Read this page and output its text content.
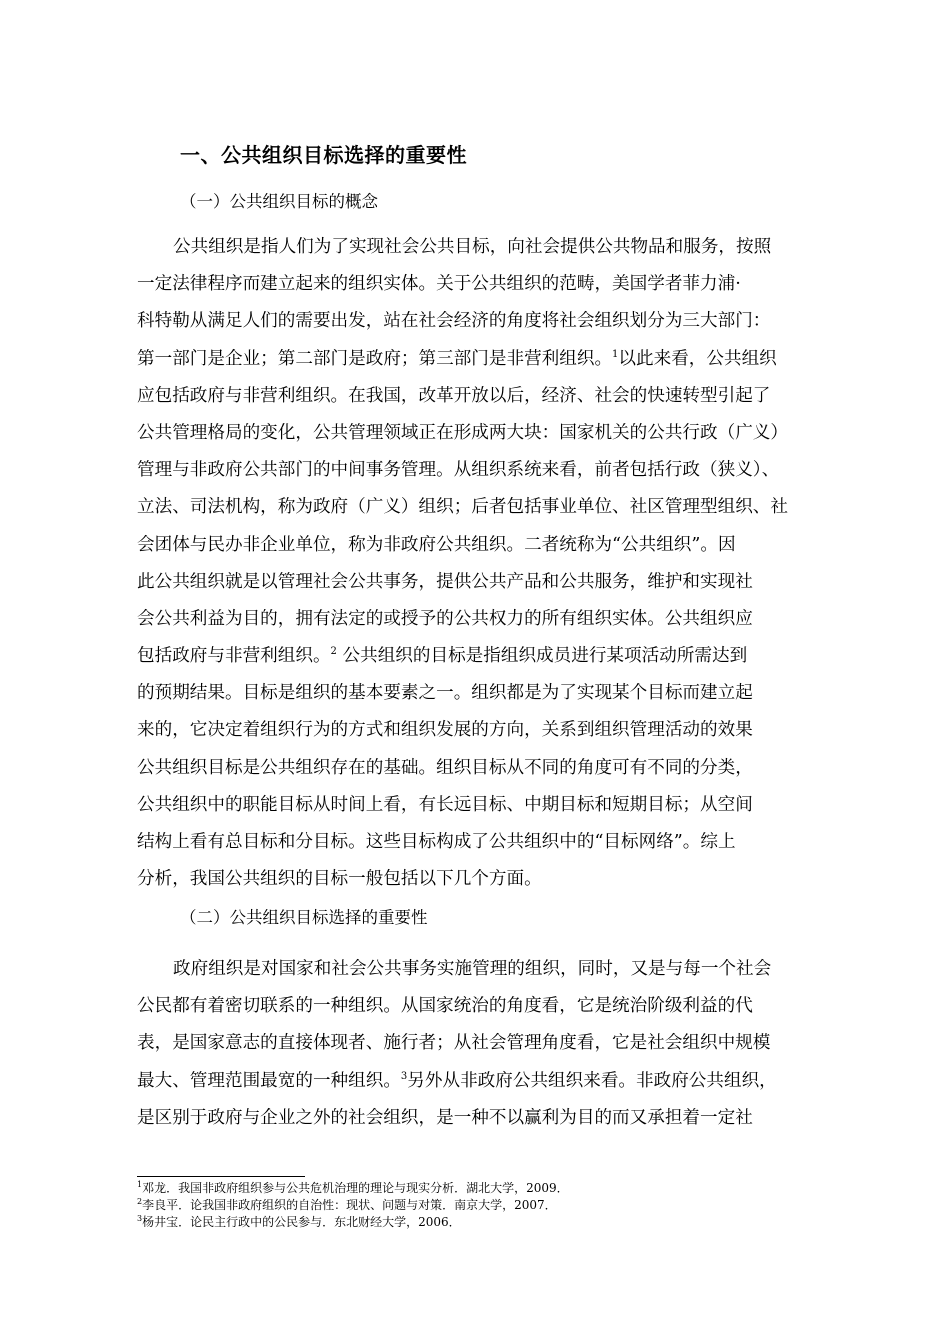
一、公共组织目标选择的重要性
（一）公共组织目标的概念
公共组织是指人们为了实现社会公共目标，向社会提供公共物品和服务，按照
一定法律程序而建立起来的组织实体。关于公共组织的范畴，美国学者菲力浦·
科特勒从满足人们的需要出发，站在社会经济的角度将社会组织划分为三大部门：
第一部门是企业；第二部门是政府；第三部门是非营利组织。$^1$以此来看，公共组织
应包括政府与非营利组织。在我国，改革开放以后，经济、社会的快速转型引起了
公共管理格局的变化，公共管理领域正在形成两大块：国家机关的公共行政（广义）
管理与非政府公共部门的中间事务管理。从组织系统来看，前者包括行政（狭义）、
立法、司法机构，称为政府（广义）组织；后者包括事业单位、社区管理型组织、社
会团体与民办非企业单位，称为非政府公共组织。二者统称为“公共组织”。因
此公共组织就是以管理社会公共事务，提供公共产品和公共服务，维护和实现社
会公共利益为目的，拥有法定的或授予的公共权力的所有组织实体。公共组织应
包括政府与非营利组织。$^2$ 公共组织的目标是指组织成员进行某项活动所需达到
的预期结果。目标是组织的基本要素之一。组织都是为了实现某个目标而建立起
来的，它决定着组织行为的方式和组织发展的方向，关系到组织管理活动的效果
公共组织目标是公共组织存在的基础。组织目标从不同的角度可有不同的分类，
公共组织中的职能目标从时间上看，有长远目标、中期目标和短期目标；从空间
结构上看有总目标和分目标。这些目标构成了公共组织中的“目标网络”。综上
分析，我国公共组织的目标一般包括以下几个方面。
（二）公共组织目标选择的重要性
政府组织是对国家和社会公共事务实施管理的组织，同时，又是与每一个社会
公民都有着密切联系的一种组织。从国家统治的角度看，它是统治阶级利益的代
表，是国家意志的直接体现者、施行者；从社会管理角度看，它是社会组织中规模
最大、管理范围最宽的一种组织。$^3$另外从非政府公共组织来看。非政府公共组织，
是区别于政府与企业之外的社会组织，是一种不以赢利为目的而又承担着一定社
$^1$邓龙．我国非政府组织参与公共危机治理的理论与现实分析．湖北大学，2009．
$^2$李良平．论我国非政府组织的自治性：现状、问题与对策．南京大学，2007．
$^3$杨井宝．论民主行政中的公民参与．东北财经大学，2006．
